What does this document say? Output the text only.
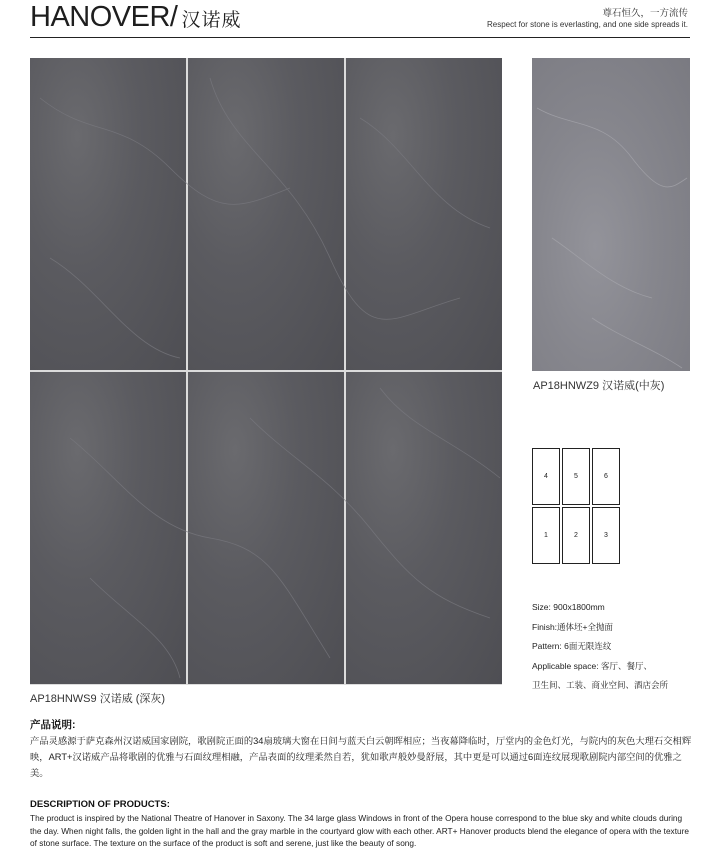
HANOVER/ 汉诺威	尊石恒久，一方流传
Respect for stone is everlasting, and one side spreads it.
AP18HNWS9 汉诺威 (深灰)
AP18HNWZ9 汉诺威(中灰)
4	5	6
1	2	3
Size: 900x1800mm
Finish:通体坯+全抛面
Pattern: 6面无限连纹
Applicable space: 客厅、餐厅、
卫生间、工装、商业空间、酒店会所
产品说明:
产品灵感源于萨克森州汉诺威国家剧院，歌剧院正面的34扇玻璃大窗在日间与蓝天白云朝晖相应；当夜幕降临时，厅堂内的金色灯光，与院内的灰色大理石交相辉映，ART+汉诺威产品将歌剧的优雅与石面纹理相融，产品表面的纹理柔然自若，犹如歌声般妙曼舒展，其中更是可以通过6面连纹展现歌剧院内部空间的优雅之美。
DESCRIPTION OF PRODUCTS:
The product is inspired by the National Theatre of Hanover in Saxony. The 34 large glass Windows in front of the Opera house correspond to the blue sky and white clouds during the day. When night falls, the golden light in the hall and the gray marble in the courtyard glow with each other. ART+ Hanover products blend the elegance of opera with the texture of stone surface. The texture on the surface of the product is soft and serene, just like the beauty of song.
